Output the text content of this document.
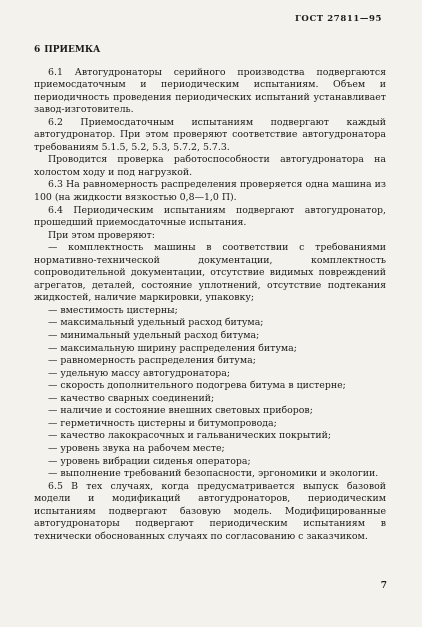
ГОСТ 27811—95
6 ПРИЕМКА

6.1 Автогудронаторы серийного производства подвергаются приемосдаточным и периодическим испытаниям. Объем и периодичность проведения периодических испытаний устанавливает завод-изготовитель.

6.2 Приемосдаточным испытаниям подвергают каждый автогудронатор. При этом проверяют соответствие автогудронатора требованиям 5.1.5, 5.2, 5.3, 5.7.2, 5.7.3.

Проводится проверка работоспособности автогудронатора на холостом ходу и под нагрузкой.

6.3 На равномерность распределения проверяется одна машина из 100 (на жидкости вязкостью 0,8—1,0 П).

6.4 Периодическим испытаниям подвергают автогудронатор, прошедший приемосдаточные испытания.

При этом проверяют:

— комплектность машины в соответствии с требованиями нормативно-технической документации, комплектность сопроводительной документации, отсутствие видимых повреждений агрегатов, деталей, состояние уплотнений, отсутствие подтекания жидкостей, наличие маркировки, упаковку;
— вместимость цистерны;
— максимальный удельный расход битума;
— минимальный удельный расход битума;
— максимальную ширину распределения битума;
— равномерность распределения битума;
— удельную массу автогудронатора;
— скорость дополнительного подогрева битума в цистерне;
— качество сварных соединений;
— наличие и состояние внешних световых приборов;
— герметичность цистерны и битумопровода;
— качество лакокрасочных и гальванических покрытий;
— уровень звука на рабочем месте;
— уровень вибрации сиденья оператора;
— выполнение требований безопасности, эргономики и экологии.

6.5 В тех случаях, когда предусматривается выпуск базовой модели и модификаций автогудронаторов, периодическим испытаниям подвергают базовую модель. Модифицированные автогудронаторы подвергают периодическим испытаниям в технически обоснованных случаях по согласованию с заказчиком.

7
